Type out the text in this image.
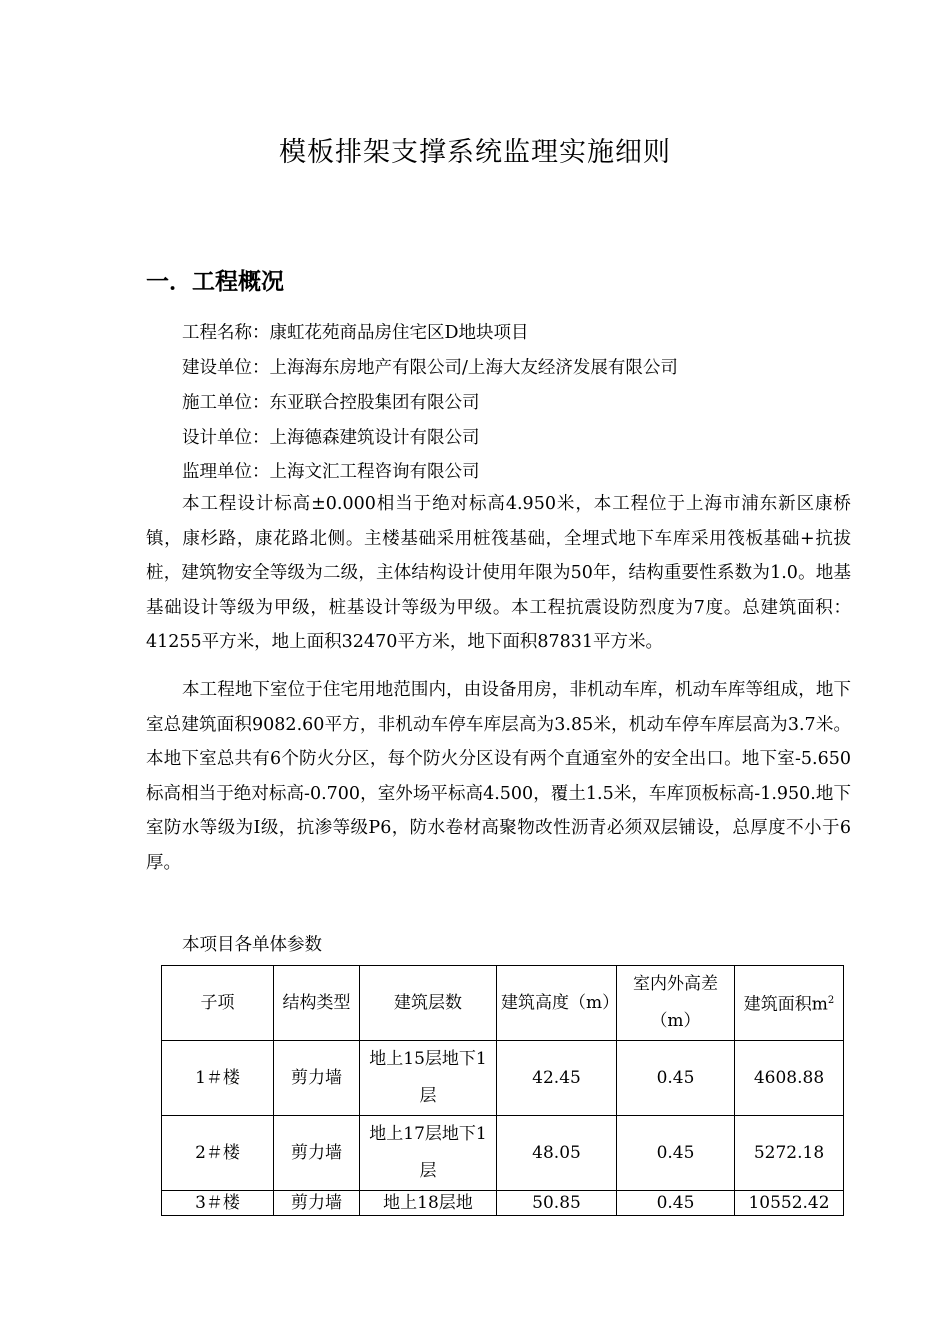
模板排架支撑系统监理实施细则
一．工程概况

工程名称：康虹花苑商品房住宅区D地块项目

建设单位：上海海东房地产有限公司/上海大友经济发展有限公司

施工单位：东亚联合控股集团有限公司

设计单位：上海德森建筑设计有限公司

监理单位：上海文汇工程咨询有限公司

本工程设计标高±0.000相当于绝对标高4.950米，本工程位于上海市浦东新区康桥镇，康杉路，康花路北侧。主楼基础采用桩筏基础，全埋式地下车库采用筏板基础+抗拔桩，建筑物安全等级为二级，主体结构设计使用年限为50年，结构重要性系数为1.0。地基基础设计等级为甲级，桩基设计等级为甲级。本工程抗震设防烈度为7度。总建筑面积：41255平方米，地上面积32470平方米，地下面积87831平方米。

本工程地下室位于住宅用地范围内，由设备用房，非机动车库，机动车库等组成，地下室总建筑面积9082.60平方，非机动车停车库层高为3.85米，机动车停车库层高为3.7米。本地下室总共有6个防火分区，每个防火分区设有两个直通室外的安全出口。地下室-5.650标高相当于绝对标高-0.700，室外场平标高4.500，覆土1.5米，车库顶板标高-1.950.地下室防水等级为Ⅰ级，抗渗等级P6，防水卷材高聚物改性沥青必须双层铺设，总厚度不小于6厚。

本项目各单体参数

子项	结构类型	建筑层数	建筑高度（m）	室内外高差（m）	建筑面积$m^2$
1＃楼	剪力墙	地上15层地下1层	42.45	0.45	4608.88
2＃楼	剪力墙	地上17层地下1层	48.05	0.45	5272.18
3＃楼	剪力墙	地上18层地	50.85	0.45	10552.42
